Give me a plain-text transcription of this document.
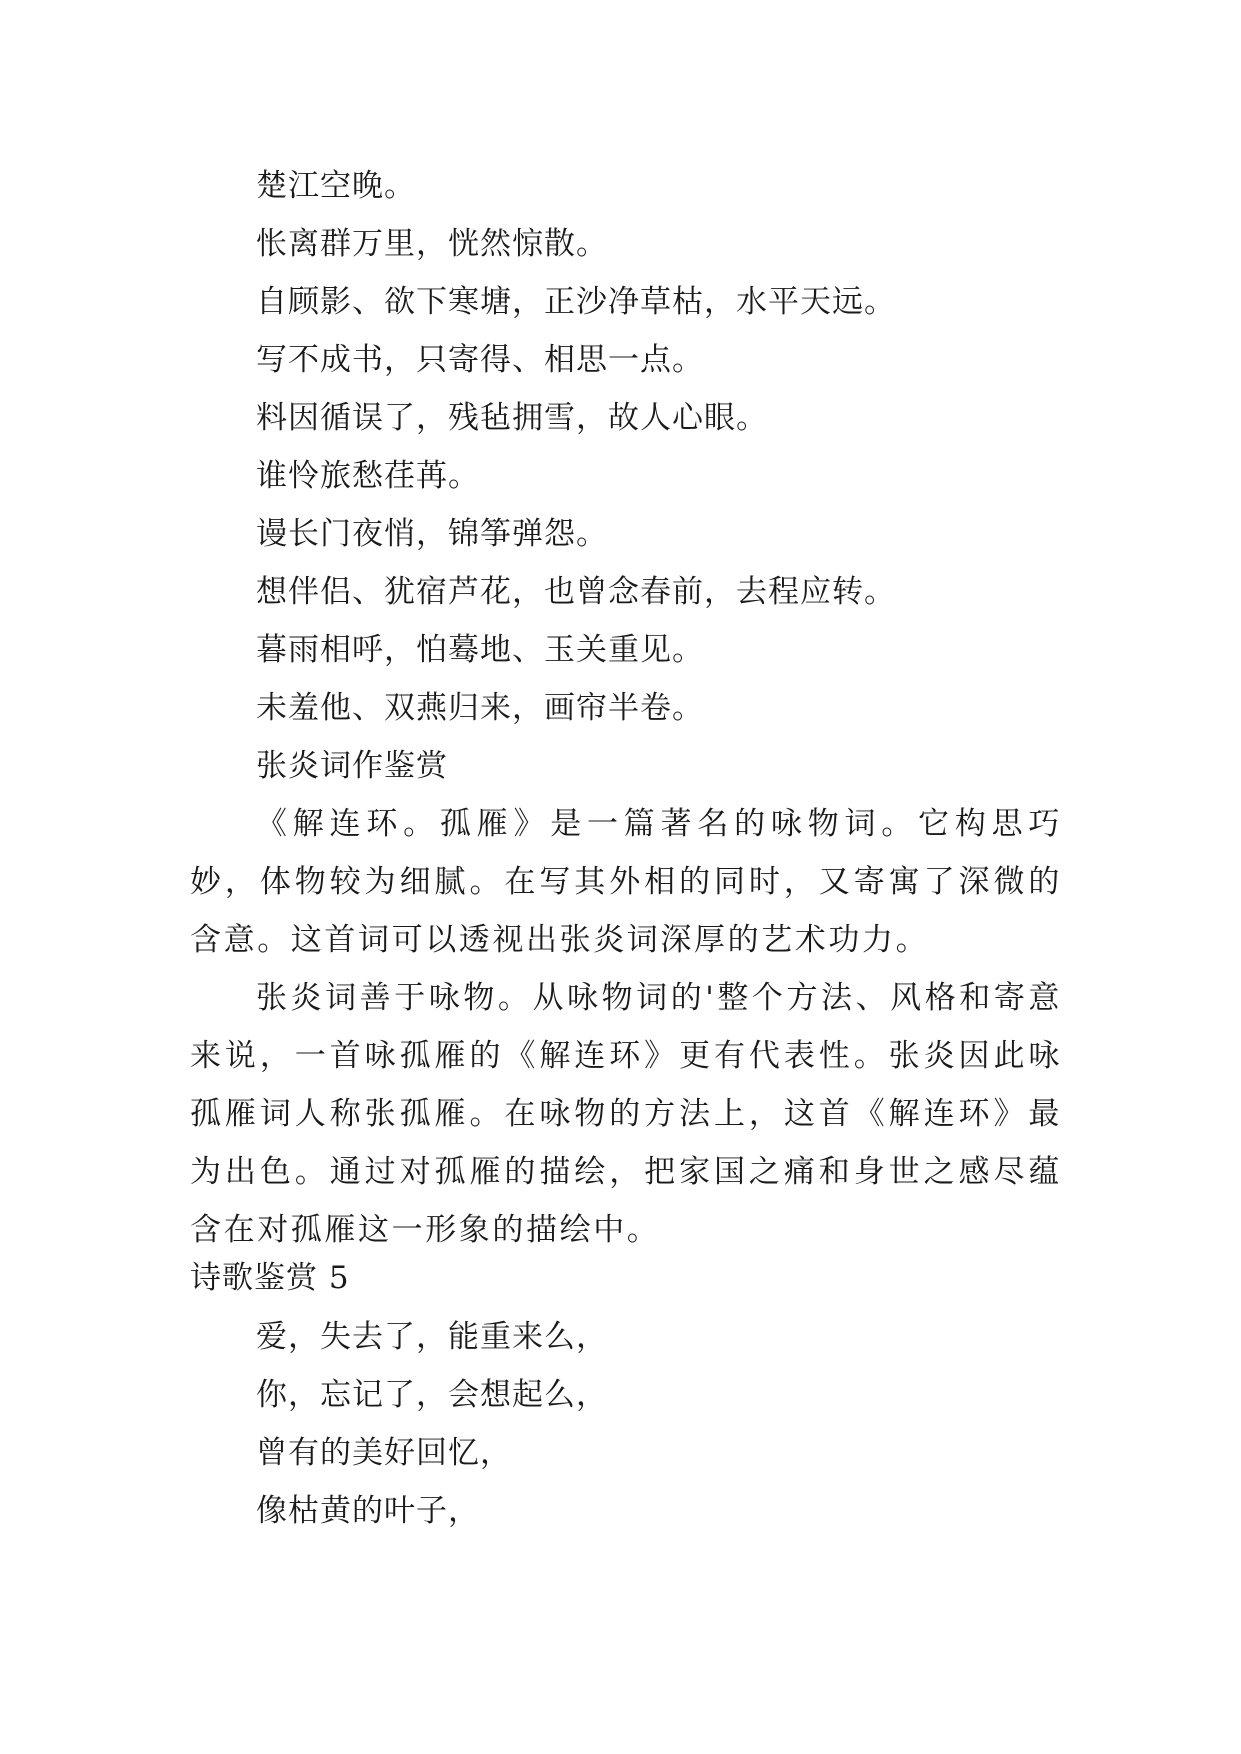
楚江空晚。
怅离群万里，恍然惊散。
自顾影、欲下寒塘，正沙净草枯，水平天远。
写不成书，只寄得、相思一点。
料因循误了，残毡拥雪，故人心眼。
谁怜旅愁荏苒。
谩长门夜悄，锦筝弹怨。
想伴侣、犹宿芦花，也曾念春前，去程应转。
暮雨相呼，怕蓦地、玉关重见。
未羞他、双燕归来，画帘半卷。
张炎词作鉴赏
《解连环。孤雁》是一篇著名的咏物词。它构思巧妙，体物较为细腻。在写其外相的同时，又寄寓了深微的含意。这首词可以透视出张炎词深厚的艺术功力。
张炎词善于咏物。从咏物词的'整个方法、风格和寄意来说，一首咏孤雁的《解连环》更有代表性。张炎因此咏孤雁词人称张孤雁。在咏物的方法上，这首《解连环》最为出色。通过对孤雁的描绘，把家国之痛和身世之感尽蕴含在对孤雁这一形象的描绘中。
诗歌鉴赏 5
爱，失去了，能重来么，
你，忘记了，会想起么，
曾有的美好回忆，
像枯黄的叶子，
